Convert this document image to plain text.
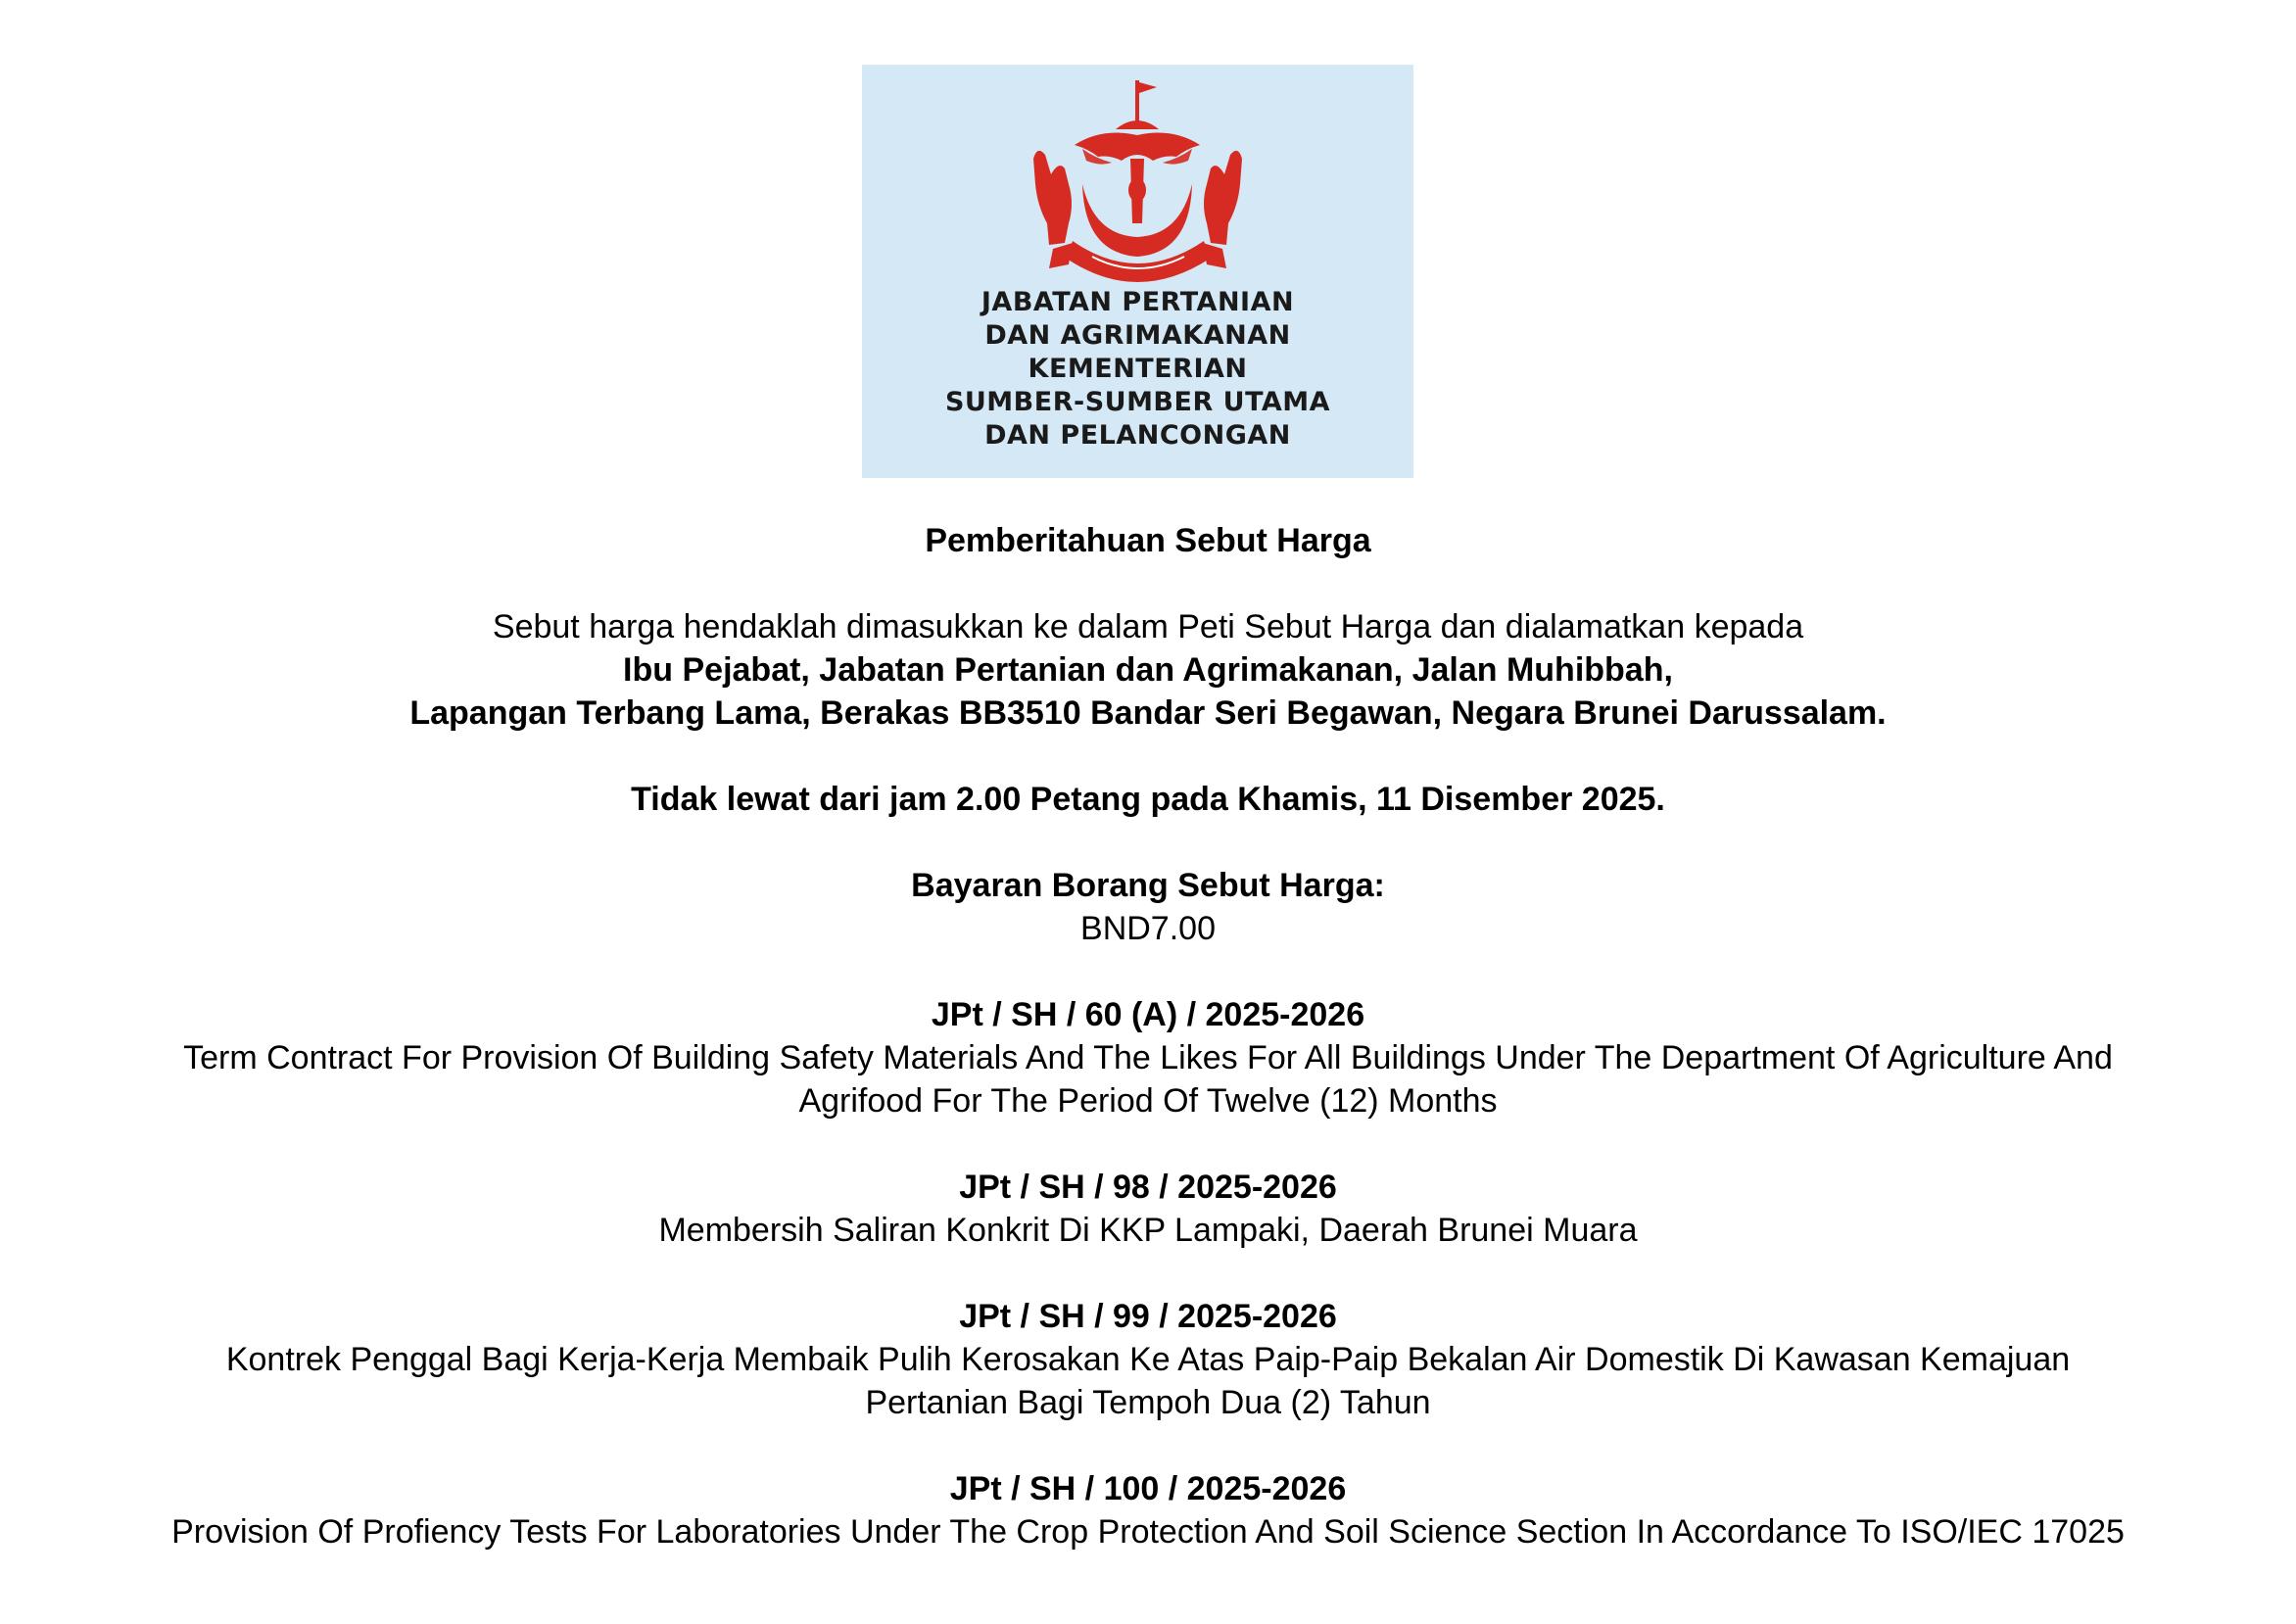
JABATAN PERTANIAN
DAN AGRIMAKANAN
KEMENTERIAN
SUMBER-SUMBER UTAMA
DAN PELANCONGAN

Pemberitahuan Sebut Harga

Sebut harga hendaklah dimasukkan ke dalam Peti Sebut Harga dan dialamatkan kepada

Ibu Pejabat, Jabatan Pertanian dan Agrimakanan, Jalan Muhibbah,

Lapangan Terbang Lama, Berakas BB3510 Bandar Seri Begawan, Negara Brunei Darussalam.

Tidak lewat dari jam 2.00 Petang pada Khamis, 11 Disember 2025.

Bayaran Borang Sebut Harga:

BND7.00

JPt / SH / 60 (A) / 2025-2026

Term Contract For Provision Of Building Safety Materials And The Likes For All Buildings Under The Department Of Agriculture And

Agrifood For The Period Of Twelve (12) Months

JPt / SH / 98 / 2025-2026

Membersih Saliran Konkrit Di KKP Lampaki, Daerah Brunei Muara

JPt / SH / 99 / 2025-2026

Kontrek Penggal Bagi Kerja-Kerja Membaik Pulih Kerosakan Ke Atas Paip-Paip Bekalan Air Domestik Di Kawasan Kemajuan

Pertanian Bagi Tempoh Dua (2) Tahun

JPt / SH / 100 / 2025-2026

Provision Of Profiency Tests For Laboratories Under The Crop Protection And Soil Science Section In Accordance To ISO/IEC 17025
